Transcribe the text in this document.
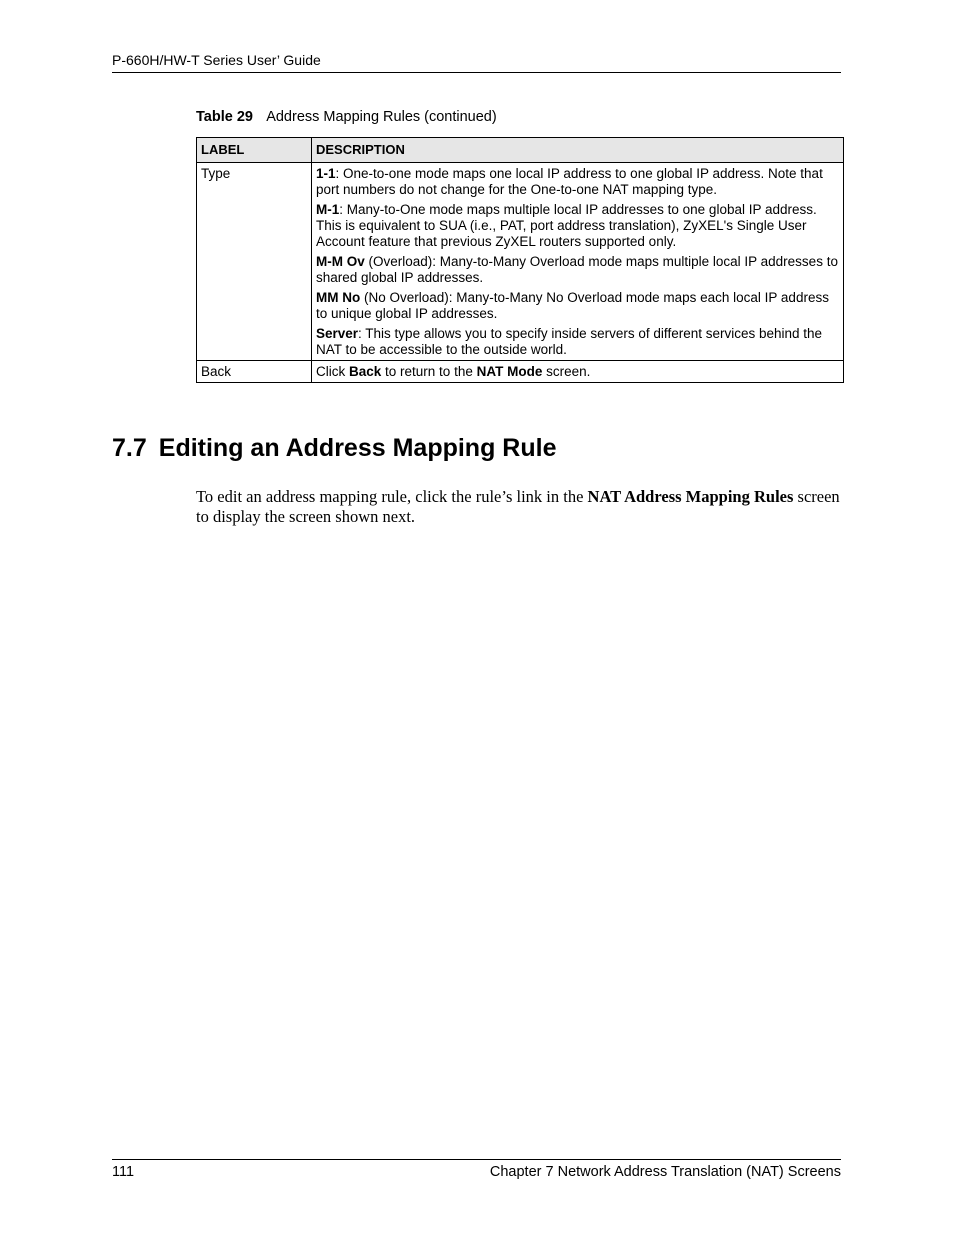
P-660H/HW-T Series User’ Guide
Table 29 Address Mapping Rules (continued)
LABEL	DESCRIPTION
Type	1-1: One-to-one mode maps one local IP address to one global IP address. Note that port numbers do not change for the One-to-one NAT mapping type.

M-1: Many-to-One mode maps multiple local IP addresses to one global IP address. This is equivalent to SUA (i.e., PAT, port address translation), ZyXEL's Single User Account feature that previous ZyXEL routers supported only.

M-M Ov (Overload): Many-to-Many Overload mode maps multiple local IP addresses to shared global IP addresses.

MM No (No Overload): Many-to-Many No Overload mode maps each local IP address to unique global IP addresses.

Server: This type allows you to specify inside servers of different services behind the NAT to be accessible to the outside world.

Back	Click Back to return to the NAT Mode screen.
7.7 Editing an Address Mapping Rule

To edit an address mapping rule, click the rule’s link in the NAT Address Mapping Rules screen to display the screen shown next.

111	Chapter 7 Network Address Translation (NAT) Screens
